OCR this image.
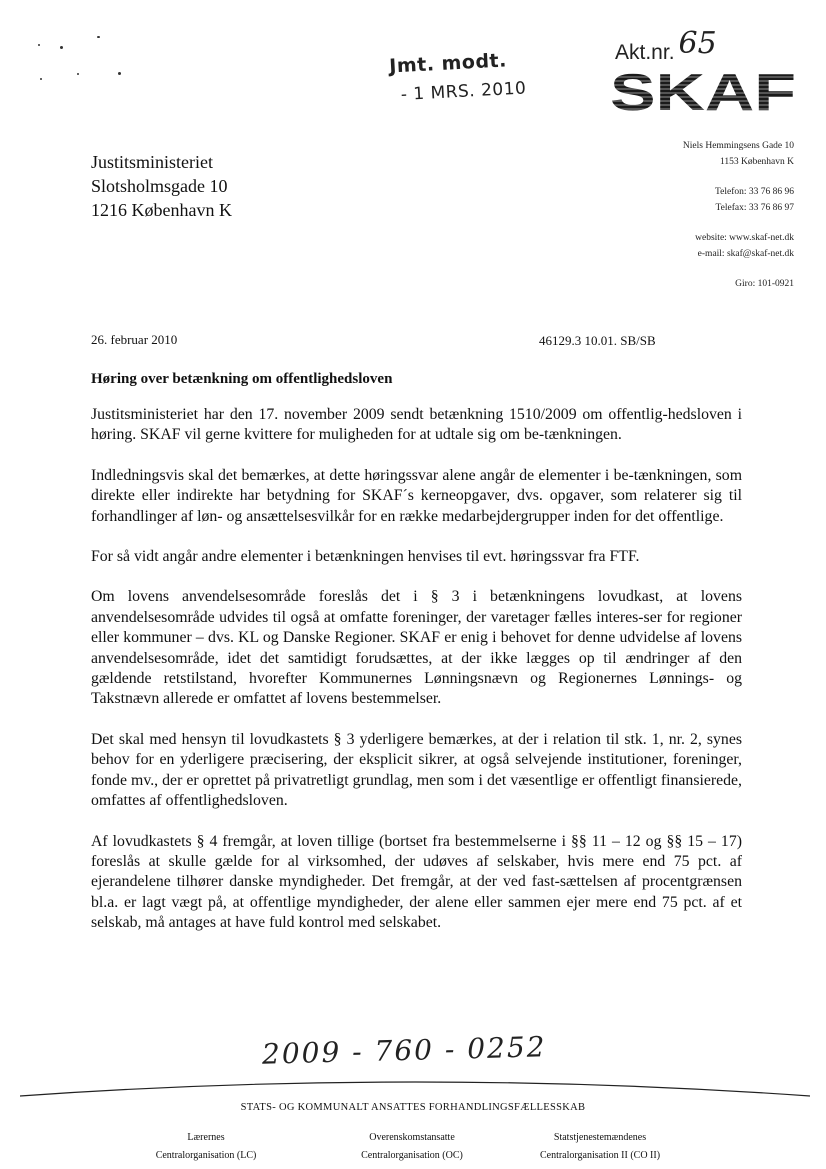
Jmt. modt.
- 1 MRS. 2010
Akt.nr. 65
SKAF
Niels Hemmingsens Gade 10
1153 København K
Telefon: 33 76 86 96
Telefax: 33 76 86 97
website: www.skaf-net.dk
e-mail: skaf@skaf-net.dk
Giro: 101-0921
Justitsministeriet
Slotsholmsgade 10
1216 København K
26. februar 2010	46129.3 10.01. SB/SB
Høring over betænkning om offentlighedsloven

Justitsministeriet har den 17. november 2009 sendt betænkning 1510/2009 om offentlig-hedsloven i høring. SKAF vil gerne kvittere for muligheden for at udtale sig om be-tænkningen.

Indledningsvis skal det bemærkes, at dette høringssvar alene angår de elementer i be-tænkningen, som direkte eller indirekte har betydning for SKAF´s kerneopgaver, dvs. opgaver, som relaterer sig til forhandlinger af løn- og ansættelsesvilkår for en række medarbejdergrupper inden for det offentlige.

For så vidt angår andre elementer i betænkningen henvises til evt. høringssvar fra FTF.

Om lovens anvendelsesområde foreslås det i § 3 i betænkningens lovudkast, at lovens anvendelsesområde udvides til også at omfatte foreninger, der varetager fælles interes-ser for regioner eller kommuner – dvs. KL og Danske Regioner. SKAF er enig i behovet for denne udvidelse af lovens anvendelsesområde, idet det samtidigt forudsættes, at der ikke lægges op til ændringer af den gældende retstilstand, hvorefter Kommunernes Lønningsnævn og Regionernes Lønnings- og Takstnævn allerede er omfattet af lovens bestemmelser.

Det skal med hensyn til lovudkastets § 3 yderligere bemærkes, at der i relation til stk. 1, nr. 2, synes behov for en yderligere præcisering, der eksplicit sikrer, at også selvejende institutioner, foreninger, fonde mv., der er oprettet på privatretligt grundlag, men som i det væsentlige er offentligt finansierede, omfattes af offentlighedsloven.

Af lovudkastets § 4 fremgår, at loven tillige (bortset fra bestemmelserne i §§ 11 – 12 og §§ 15 – 17) foreslås at skulle gælde for al virksomhed, der udøves af selskaber, hvis mere end 75 pct. af ejerandelene tilhører danske myndigheder. Det fremgår, at der ved fast-sættelsen af procentgrænsen bl.a. er lagt vægt på, at offentlige myndigheder, der alene eller sammen ejer mere end 75 pct. af et selskab, må antages at have fuld kontrol med selskabet.

2009 - 760 - 0252
STATS- OG KOMMUNALT ANSATTES FORHANDLINGSFÆLLESSKAB
Lærernes
Centralorganisation (LC)
Overenskomstansatte
Centralorganisation (OC)
Statstjenestemændenes
Centralorganisation II (CO II)
